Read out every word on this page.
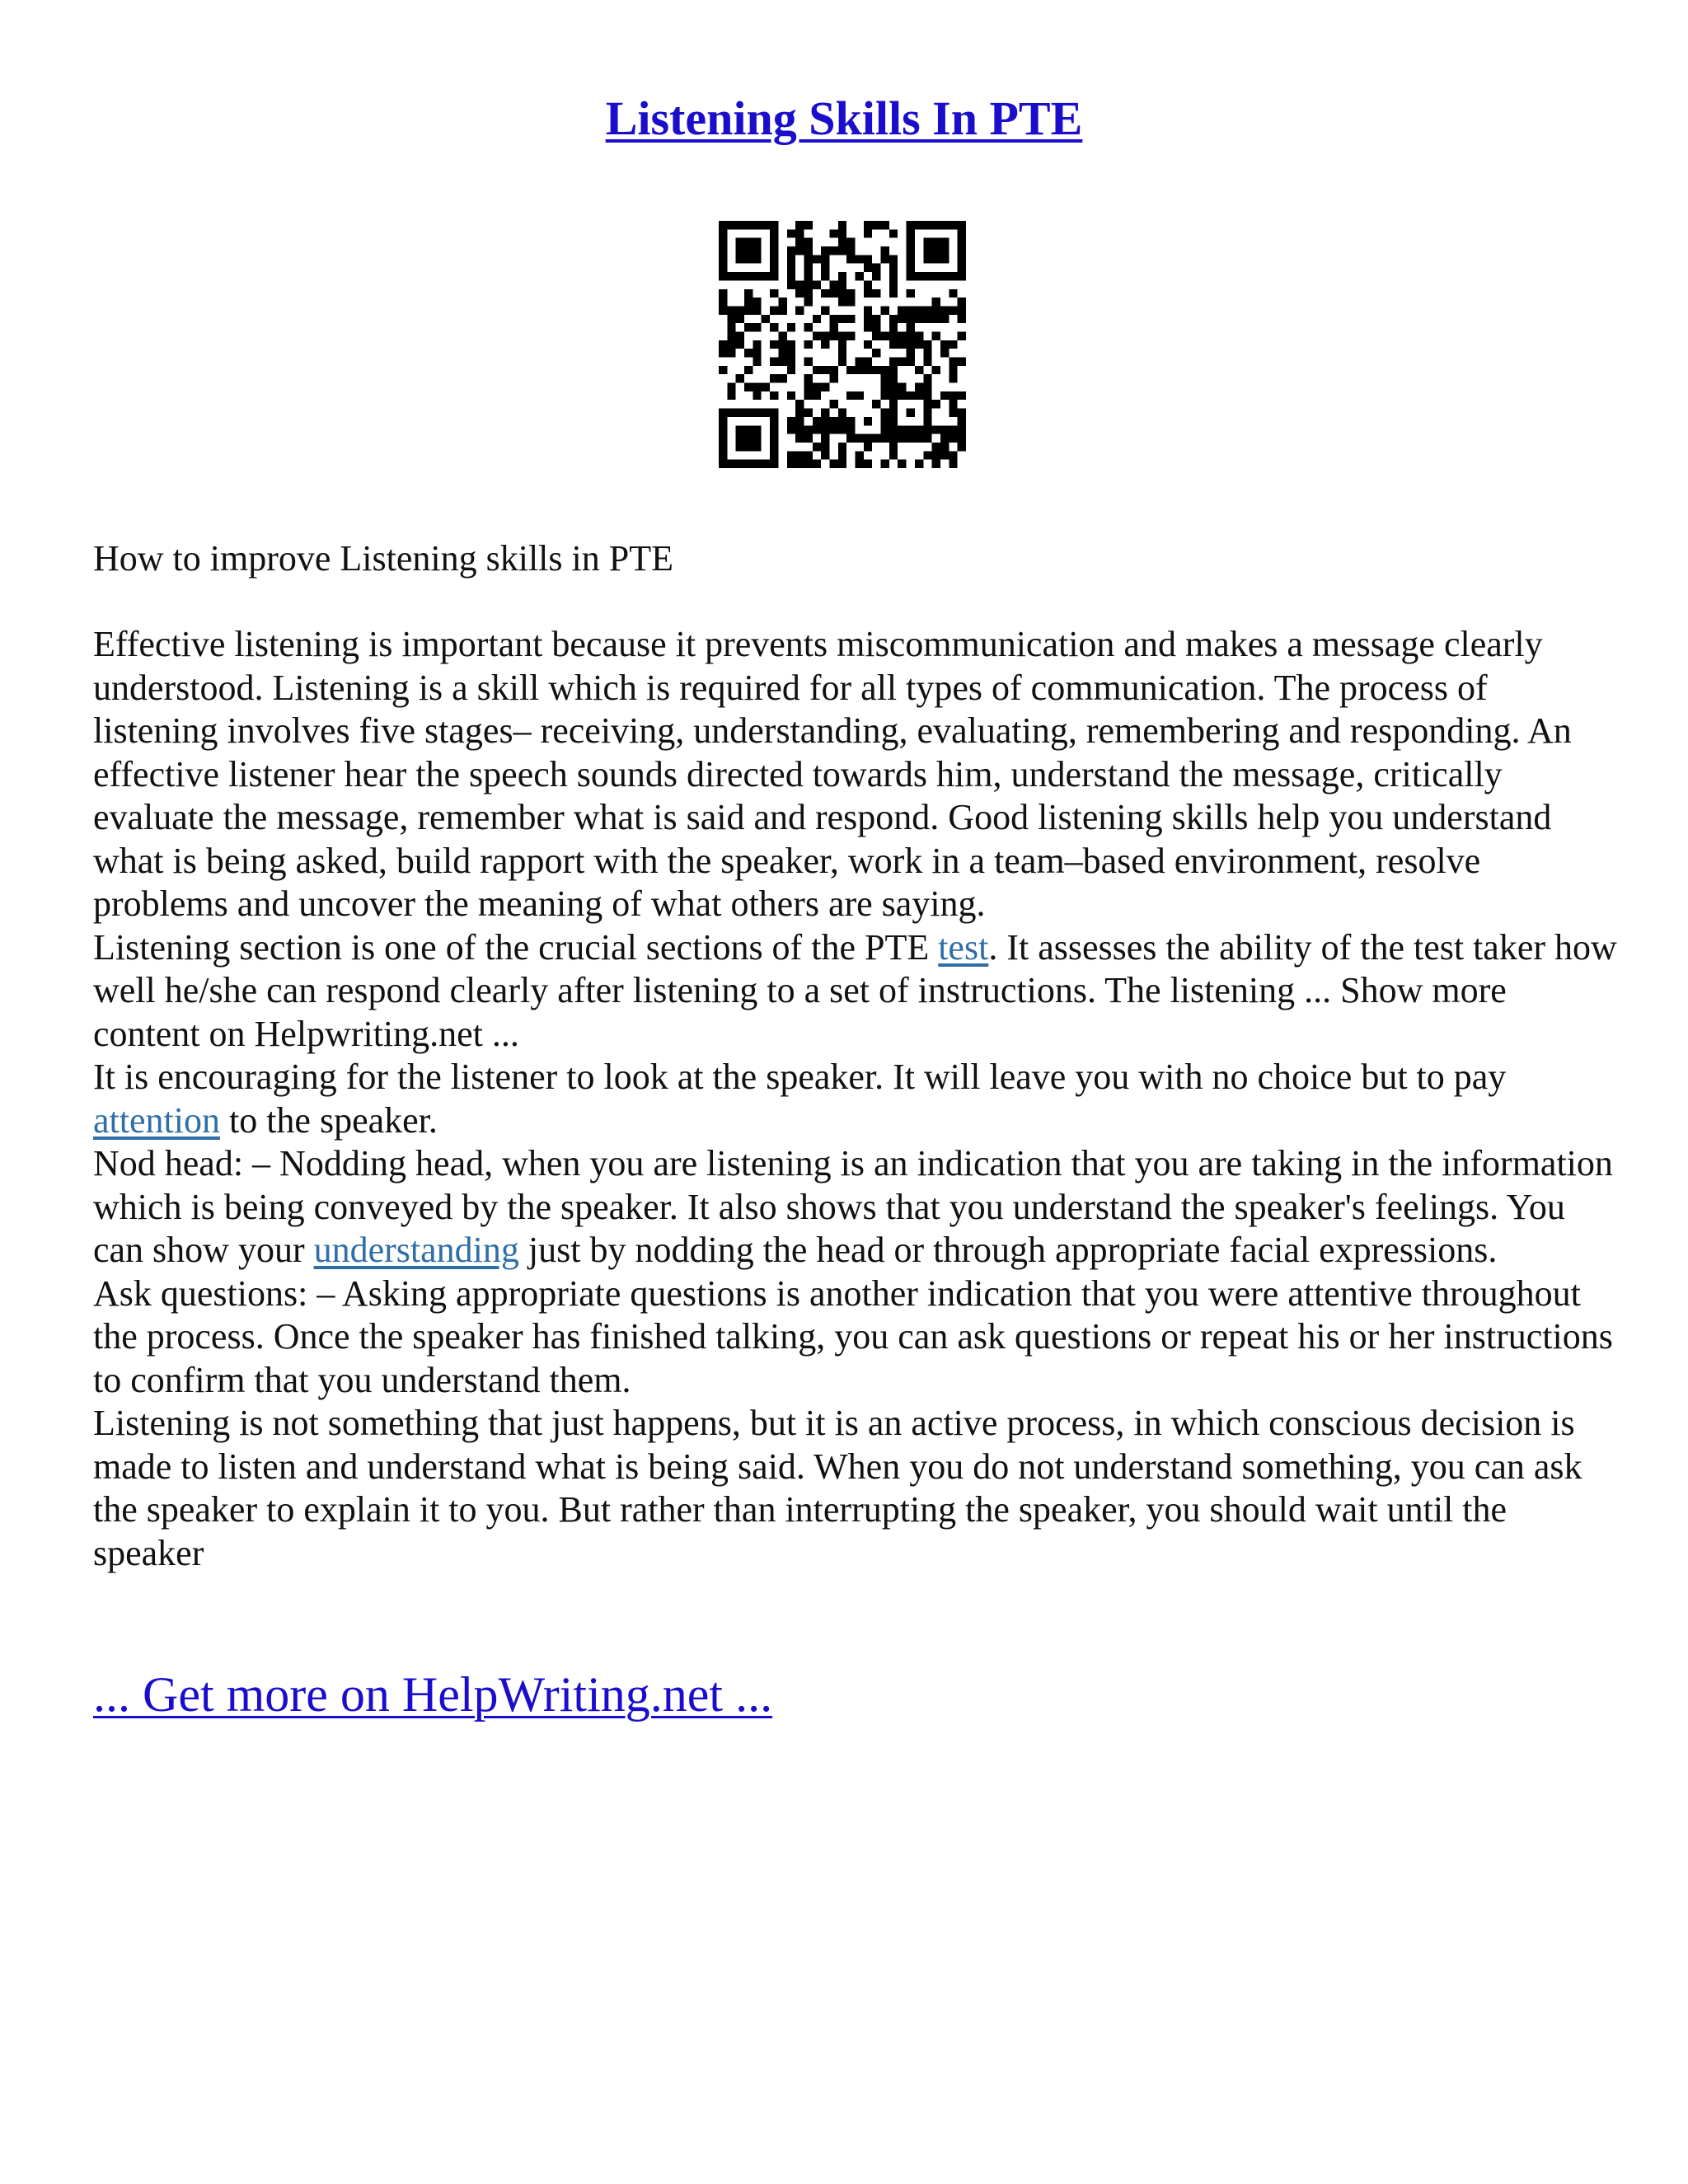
Listening Skills In PTE

How to improve Listening skills in PTE

Effective listening is important because it prevents miscommunication and makes a message clearly understood. Listening is a skill which is required for all types of communication. The process of listening involves five stages– receiving, understanding, evaluating, remembering and responding. An effective listener hear the speech sounds directed towards him, understand the message, critically evaluate the message, remember what is said and respond. Good listening skills help you understand what is being asked, build rapport with the speaker, work in a team–based environment, resolve problems and uncover the meaning of what others are saying.

Listening section is one of the crucial sections of the PTE test. It assesses the ability of the test taker how well he/she can respond clearly after listening to a set of instructions. The listening ... Show more content on Helpwriting.net ...

It is encouraging for the listener to look at the speaker. It will leave you with no choice but to pay attention to the speaker.

Nod head: – Nodding head, when you are listening is an indication that you are taking in the information which is being conveyed by the speaker. It also shows that you understand the speaker's feelings. You can show your understanding just by nodding the head or through appropriate facial expressions.

Ask questions: – Asking appropriate questions is another indication that you were attentive throughout the process. Once the speaker has finished talking, you can ask questions or repeat his or her instructions to confirm that you understand them.

Listening is not something that just happens, but it is an active process, in which conscious decision is made to listen and understand what is being said. When you do not understand something, you can ask the speaker to explain it to you. But rather than interrupting the speaker, you should wait until the speaker

... Get more on HelpWriting.net ...
